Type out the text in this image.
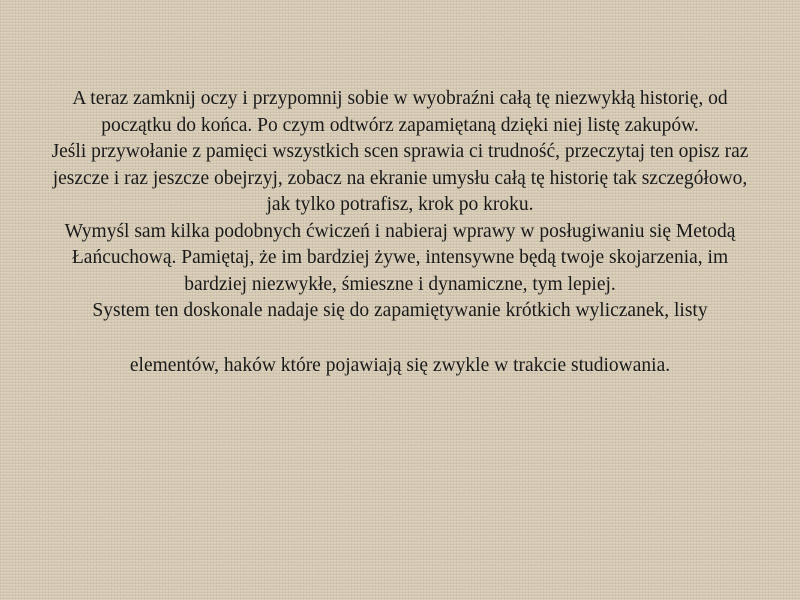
A teraz zamknij oczy i przypomnij sobie w wyobraźni całą tę niezwykłą historię, od początku do końca. Po czym odtwórz zapamiętaną dzięki niej listę zakupów.

Jeśli przywołanie z pamięci wszystkich scen sprawia ci trudność, przeczytaj ten opisz raz jeszcze i raz jeszcze obejrzyj, zobacz na ekranie umysłu całą tę historię tak szczegółowo, jak tylko potrafisz, krok po kroku.

Wymyśl sam kilka podobnych ćwiczeń i nabieraj wprawy w posługiwaniu się Metodą Łańcuchową. Pamiętaj, że im bardziej żywe, intensywne będą twoje skojarzenia, im bardziej niezwykłe, śmieszne i dynamiczne, tym lepiej.

System ten doskonale nadaje się do zapamiętywanie krótkich wyliczanek, listy

elementów, haków które pojawiają się zwykle w trakcie studiowania.
